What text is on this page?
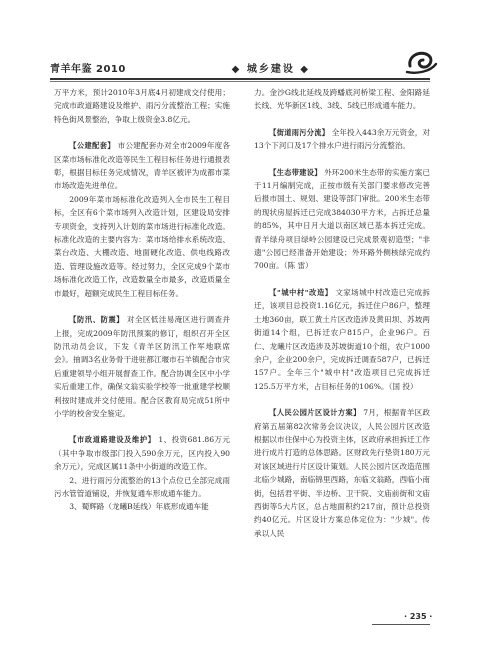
青羊年鉴 2010	◆ 城乡建设 ◆

万平方米，预计2010年3月底4月初建成交付使用；完成市政道路建设及维护、雨污分流整治工程；实施特色街风景整治，争取上级资金3.8亿元。

【公建配套】 市公建配套办对全市2009年度各区菜市场标准化改造等民生工程目标任务进行通报表彰，根据目标任务完成情况，青羊区被评为成都市菜市场改造先进单位。

2009年菜市场标准化改造列入全市民生工程目标，全区有6个菜市场列入改造计划，区建设局安排专项资金，支持列入计划的菜市场进行标准化改造。标准化改造的主要内容为：菜市场给排水系统改造、菜台改造、大棚改造、地面硬化改造、供电线路改造、管理设施改造等。经过努力，全区完成9个菜市场标准化改造工作，改造数量全市最多，改造质量全市最好，超额完成民生工程目标任务。

【防汛、防震】 对全区低洼易淹区进行调查并上报，完成2009年防汛预案的修订，组织召开全区防汛动员会议，下发《青羊区防汛工作军地联席会》。抽调3名业务骨干进驻都江堰市石羊镇配合市灾后重建领导小组开展督查工作。配合协调全区中小学实后重建工作，确保文翁实验学校等一批重建学校顺利按时建成并交付使用。配合区教育局完成51所中小学的校舍安全鉴定。

【市政道路建设及维护】 1、投资681.86万元（其中争取市级部门投入590余万元，区内投入90余万元），完成区属11条中小街道的改造工作。

2、进行雨污分流整治的13个点位已全部完成雨污水管管道铺设，并恢复通车形成通车能力。

3、蜀辉路（龙曦B延线）年底形成通车能

力。金沙G线北延线及跨蟠底河桥梁工程、金阳路延长线、光华新区1线、3线、5线已形成通车能力。

【街道雨污分流】 全年投入443余万元资金，对13个下河口及17个排水户进行雨污分流整治。

【生态带建设】 外环200米生态带的实施方案已于11月编制完成，正按市级有关部门要求修改完善后报市国土、规划、建设等部门审批。200米生态带的现状房屋拆迁已完成384030平方米，占拆迁总量的85%，其中日月大道以南区域已基本拆迁完成。青羊绿舟项目绿岭公园建设已完成景观初造型；"非遗"公园已经准备开始建设；外环路外侧核绿完成约700亩。（陈 雷）

【"城中村"改造】 文家场城中村改造已完成拆迁，该项目总投资1.16亿元，拆迁住户86户，整理土地360亩，联工黄土片区改造涉及黄田坝、苏坡两街道14个组，已拆迁农户815户，企业96户。百仁、龙曦片区改造涉及苏坡街道10个组，农户1000余户，企业200余户，完成拆迁调查587户，已拆迁157户。全年三个"城中村"改造项目已完成拆迁125.5万平方米，占目标任务的106%。（国 投）

【人民公园片区设计方案】 7月，根据青羊区政府第五届第82次常务会议决议，人民公园片区改造根据以市住保中心为投资主体，区政府承担拆迁工作进行成片打造的总体思路。区财政先行垫资180万元对该区域进行片区设计策划。人民公园片区改造范围北临少城路，南临锦里西路，东临文翁路，西临小南街，包括君平街、半边桥、卫干院、文庙前街和文庙西街等5大片区，总占地面积约217亩，预计总投资约40亿元。片区设计方案总体定位为："少城"。传承以人民

· 235 ·
